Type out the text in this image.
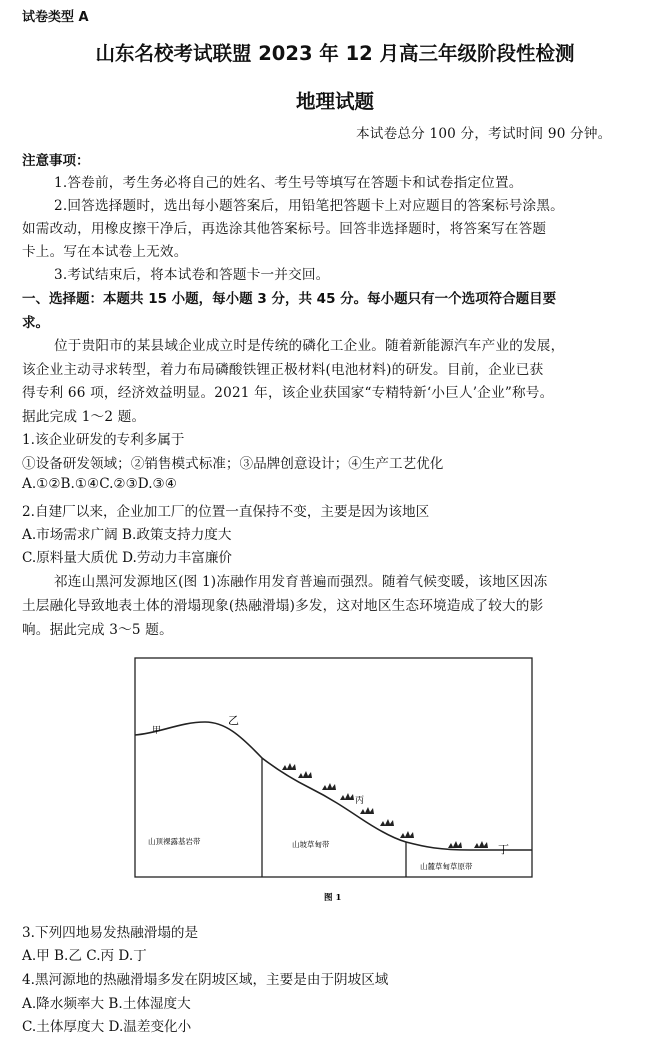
试卷类型 A
山东名校考试联盟 2023 年 12 月高三年级阶段性检测
地理试题
本试卷总分 100 分，考试时间 90 分钟。
注意事项：
1.答卷前，考生务必将自己的姓名、考生号等填写在答题卡和试卷指定位置。
2.回答选择题时，选出每小题答案后，用铅笔把答题卡上对应题目的答案标号涂黑。
如需改动，用橡皮擦干净后，再选涂其他答案标号。回答非选择题时，将答案写在答题
卡上。写在本试卷上无效。
3.考试结束后，将本试卷和答题卡一并交回。
一、选择题：本题共 15 小题，每小题 3 分，共 45 分。每小题只有一个选项符合题目要
求。
位于贵阳市的某县域企业成立时是传统的磷化工企业。随着新能源汽车产业的发展，
该企业主动寻求转型，着力布局磷酸铁锂正极材料(电池材料)的研发。目前，企业已获
得专利 66 项，经济效益明显。2021 年，该企业获国家“专精特新‘小巨人’企业”称号。
据此完成 1～2 题。
1.该企业研发的专利多属于
①设备研发领域；②销售模式标准；③品牌创意设计；④生产工艺优化
A.①②B.①④C.②③D.③④
2.自建厂以来，企业加工厂的位置一直保持不变，主要是因为该地区
A.市场需求广阔 B.政策支持力度大
C.原料量大质优 D.劳动力丰富廉价
祁连山黑河发源地区(图 1)冻融作用发育普遍而强烈。随着气候变暖，该地区因冻
土层融化导致地表土体的滑塌现象(热融滑塌)多发，这对地区生态环境造成了较大的影
响。据此完成 3～5 题。
甲
乙
丙
丁
山顶裸露基岩带	山坡草甸带
山麓草甸草原带
图 1
3.下列四地易发热融滑塌的是
A.甲 B.乙 C.丙 D.丁
4.黑河源地的热融滑塌多发在阴坡区域，主要是由于阴坡区域
A.降水频率大 B.土体湿度大
C.土体厚度大 D.温差变化小
